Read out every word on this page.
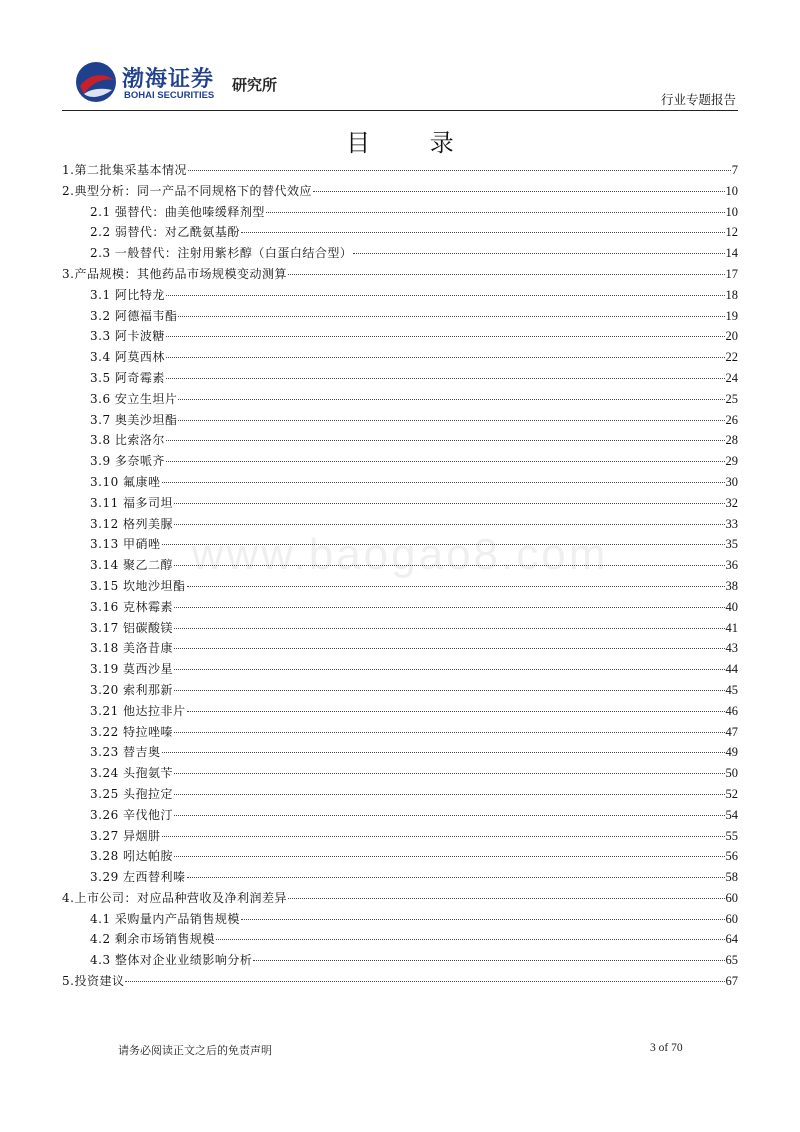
渤海证券
BOHAI SECURITIES
研究所
行业专题报告
目 录
www.baogao8.com
1.第二批集采基本情况	7
2.典型分析：同一产品不同规格下的替代效应	10
2.1 强替代：曲美他嗪缓释剂型	10
2.2 弱替代：对乙酰氨基酚	12
2.3 一般替代：注射用紫杉醇（白蛋白结合型）	14
3.产品规模：其他药品市场规模变动测算	17
3.1 阿比特龙	18
3.2 阿德福韦酯	19
3.3 阿卡波糖	20
3.4 阿莫西林	22
3.5 阿奇霉素	24
3.6 安立生坦片	25
3.7 奥美沙坦酯	26
3.8 比索洛尔	28
3.9 多奈哌齐	29
3.10 氟康唑	30
3.11 福多司坦	32
3.12 格列美脲	33
3.13 甲硝唑	35
3.14 聚乙二醇	36
3.15 坎地沙坦酯	38
3.16 克林霉素	40
3.17 铝碳酸镁	41
3.18 美洛昔康	43
3.19 莫西沙星	44
3.20 索利那新	45
3.21 他达拉非片	46
3.22 特拉唑嗪	47
3.23 替吉奥	49
3.24 头孢氨苄	50
3.25 头孢拉定	52
3.26 辛伐他汀	54
3.27 异烟肼	55
3.28 吲达帕胺	56
3.29 左西替利嗪	58
4.上市公司：对应品种营收及净利润差异	60
4.1 采购量内产品销售规模	60
4.2 剩余市场销售规模	64
4.3 整体对企业业绩影响分析	65
5.投资建议	67
请务必阅读正文之后的免责声明	3 of 70
